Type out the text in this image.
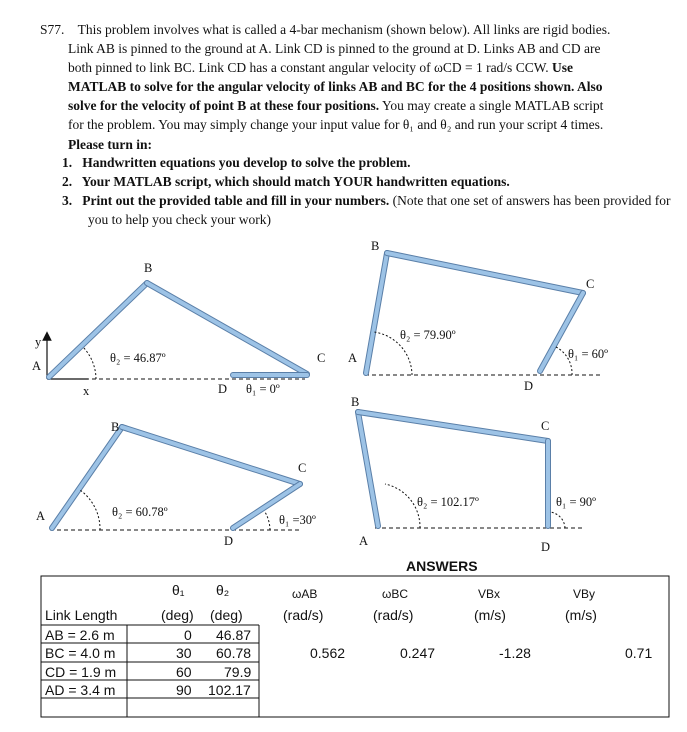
S77. This problem involves what is called a 4-bar mechanism (shown below). All links are rigid bodies.
Link AB is pinned to the ground at A. Link CD is pinned to the ground at D. Links AB and CD are
both pinned to link BC. Link CD has a constant angular velocity of ωCD = 1 rad/s CCW. Use
MATLAB to solve for the angular velocity of links AB and BC for the 4 positions shown. Also
solve for the velocity of point B at these four positions. You may create a single MATLAB script
for the problem. You may simply change your input value for θ₁ and θ₂ and run your script 4 times.
Please turn in:
1. Handwritten equations you develop to solve the problem.
2. Your MATLAB script, which should match YOUR handwritten equations.
3. Print out the provided table and fill in your numbers. (Note that one set of answers has been provided for you to help you check your work)
B
A
y
x
θ₂ = 46.87º	C
D θ₁ = 0º
B
A
θ₂ = 79.90º
C
D
θ₁ = 60º
B
A	θ₂ = 60.78º
C
D
θ₁ =30º
B
A
θ₂ = 102.17º
C
D
θ₁ = 90º
ANSWERS
θ₁ θ₂	ωAB	ωBC	VBx	VBy
Link Length	(deg) (deg)	(rad/s)	(rad/s)	(m/s)	(m/s)
AB = 2.6 m	0 46.87
BC = 4.0 m	30 60.78	0.562	0.247	-1.28	0.71
CD = 1.9 m	60 79.9
AD = 3.4 m	90 102.17
